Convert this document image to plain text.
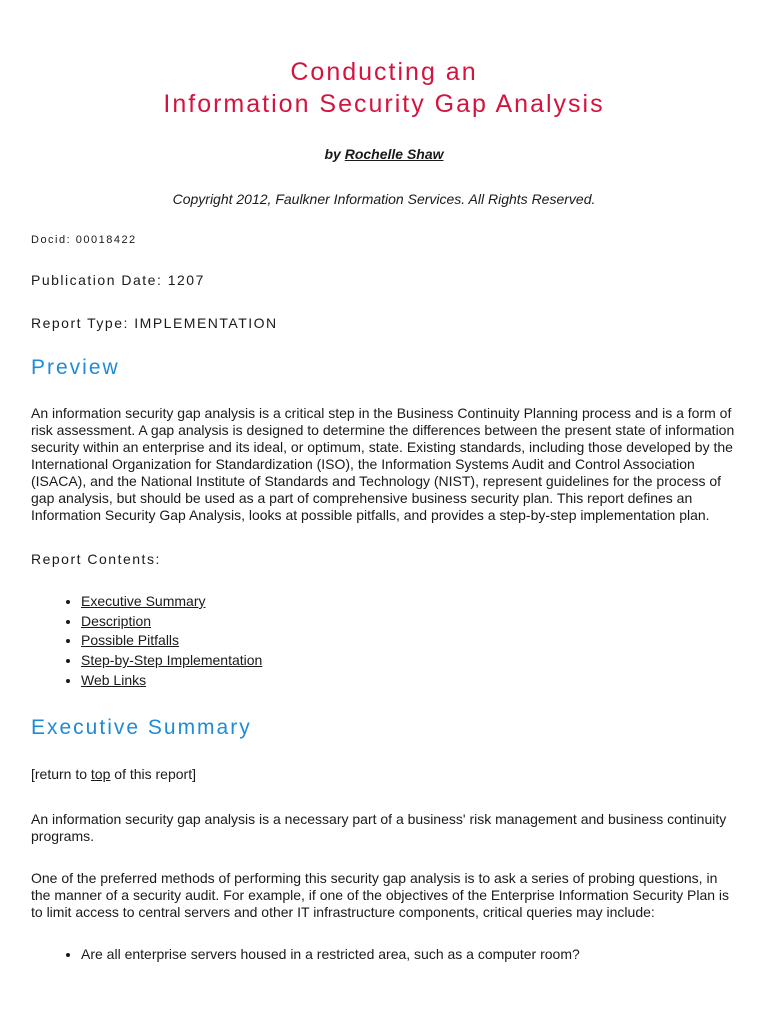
Conducting an
Information Security Gap Analysis
by Rochelle Shaw
Copyright 2012, Faulkner Information Services. All Rights Reserved.
Docid: 00018422
Publication Date: 1207
Report Type: IMPLEMENTATION
Preview

An information security gap analysis is a critical step in the Business Continuity Planning process and is a form of risk assessment. A gap analysis is designed to determine the differences between the present state of information security within an enterprise and its ideal, or optimum, state. Existing standards, including those developed by the International Organization for Standardization (ISO), the Information Systems Audit and Control Association (ISACA), and the National Institute of Standards and Technology (NIST), represent guidelines for the process of gap analysis, but should be used as a part of comprehensive business security plan. This report defines an Information Security Gap Analysis, looks at possible pitfalls, and provides a step-by-step implementation plan.

Report Contents:
• Executive Summary
• Description
• Possible Pitfalls
• Step-by-Step Implementation
• Web Links
Executive Summary
[return to top of this report]

An information security gap analysis is a necessary part of a business' risk management and business continuity programs.

One of the preferred methods of performing this security gap analysis is to ask a series of probing questions, in the manner of a security audit. For example, if one of the objectives of the Enterprise Information Security Plan is to limit access to central servers and other IT infrastructure components, critical queries may include:

• Are all enterprise servers housed in a restricted area, such as a computer room?
